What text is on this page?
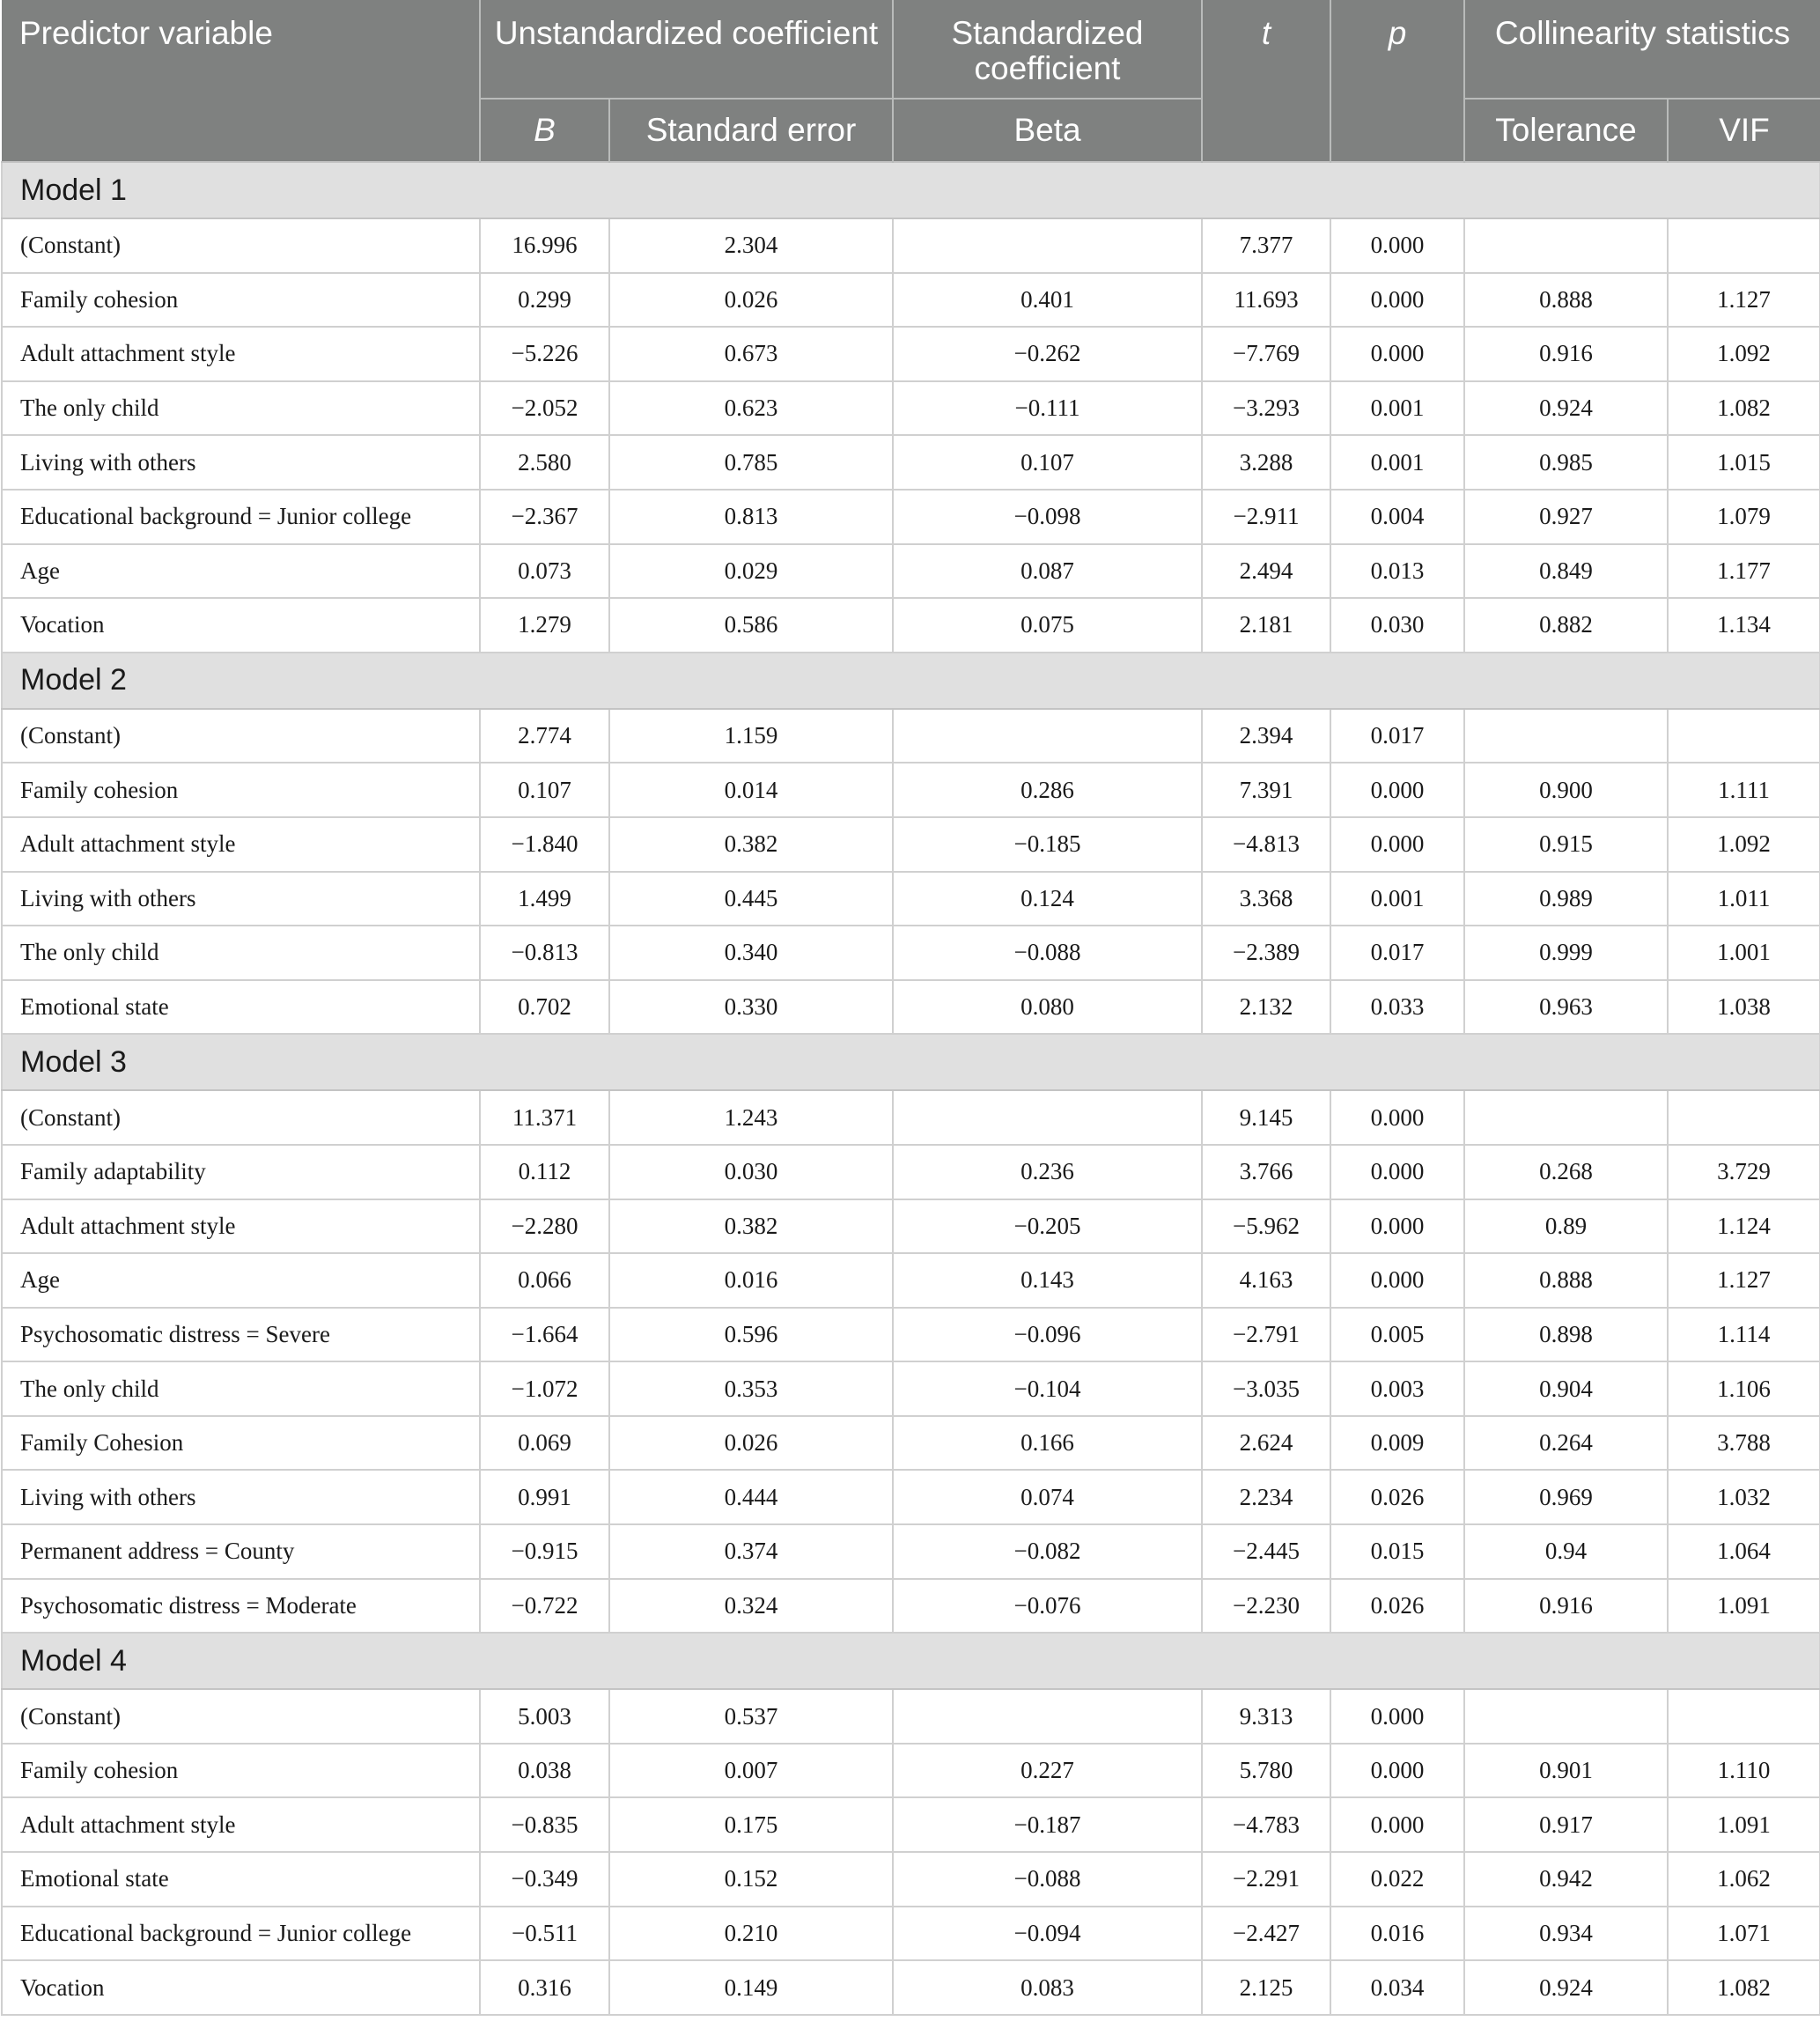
Predictor variable	Unstandardized coefficient		Standardized coefficient	t	p	Collinearity statistics	
	B	Standard error	Beta			Tolerance	VIF
Model 1							
(Constant)	16.996	2.304		7.377	0.000		
Family cohesion	0.299	0.026	0.401	11.693	0.000	0.888	1.127
Adult attachment style	−5.226	0.673	−0.262	−7.769	0.000	0.916	1.092
The only child	−2.052	0.623	−0.111	−3.293	0.001	0.924	1.082
Living with others	2.580	0.785	0.107	3.288	0.001	0.985	1.015
Educational background = Junior college	−2.367	0.813	−0.098	−2.911	0.004	0.927	1.079
Age	0.073	0.029	0.087	2.494	0.013	0.849	1.177
Vocation	1.279	0.586	0.075	2.181	0.030	0.882	1.134
Model 2							
(Constant)	2.774	1.159		2.394	0.017		
Family cohesion	0.107	0.014	0.286	7.391	0.000	0.900	1.111
Adult attachment style	−1.840	0.382	−0.185	−4.813	0.000	0.915	1.092
Living with others	1.499	0.445	0.124	3.368	0.001	0.989	1.011
The only child	−0.813	0.340	−0.088	−2.389	0.017	0.999	1.001
Emotional state	0.702	0.330	0.080	2.132	0.033	0.963	1.038
Model 3							
(Constant)	11.371	1.243		9.145	0.000		
Family adaptability	0.112	0.030	0.236	3.766	0.000	0.268	3.729
Adult attachment style	−2.280	0.382	−0.205	−5.962	0.000	0.89	1.124
Age	0.066	0.016	0.143	4.163	0.000	0.888	1.127
Psychosomatic distress = Severe	−1.664	0.596	−0.096	−2.791	0.005	0.898	1.114
The only child	−1.072	0.353	−0.104	−3.035	0.003	0.904	1.106
Family Cohesion	0.069	0.026	0.166	2.624	0.009	0.264	3.788
Living with others	0.991	0.444	0.074	2.234	0.026	0.969	1.032
Permanent address = County	−0.915	0.374	−0.082	−2.445	0.015	0.94	1.064
Psychosomatic distress = Moderate	−0.722	0.324	−0.076	−2.230	0.026	0.916	1.091
Model 4							
(Constant)	5.003	0.537		9.313	0.000		
Family cohesion	0.038	0.007	0.227	5.780	0.000	0.901	1.110
Adult attachment style	−0.835	0.175	−0.187	−4.783	0.000	0.917	1.091
Emotional state	−0.349	0.152	−0.088	−2.291	0.022	0.942	1.062
Educational background = Junior college	−0.511	0.210	−0.094	−2.427	0.016	0.934	1.071
Vocation	0.316	0.149	0.083	2.125	0.034	0.924	1.082
